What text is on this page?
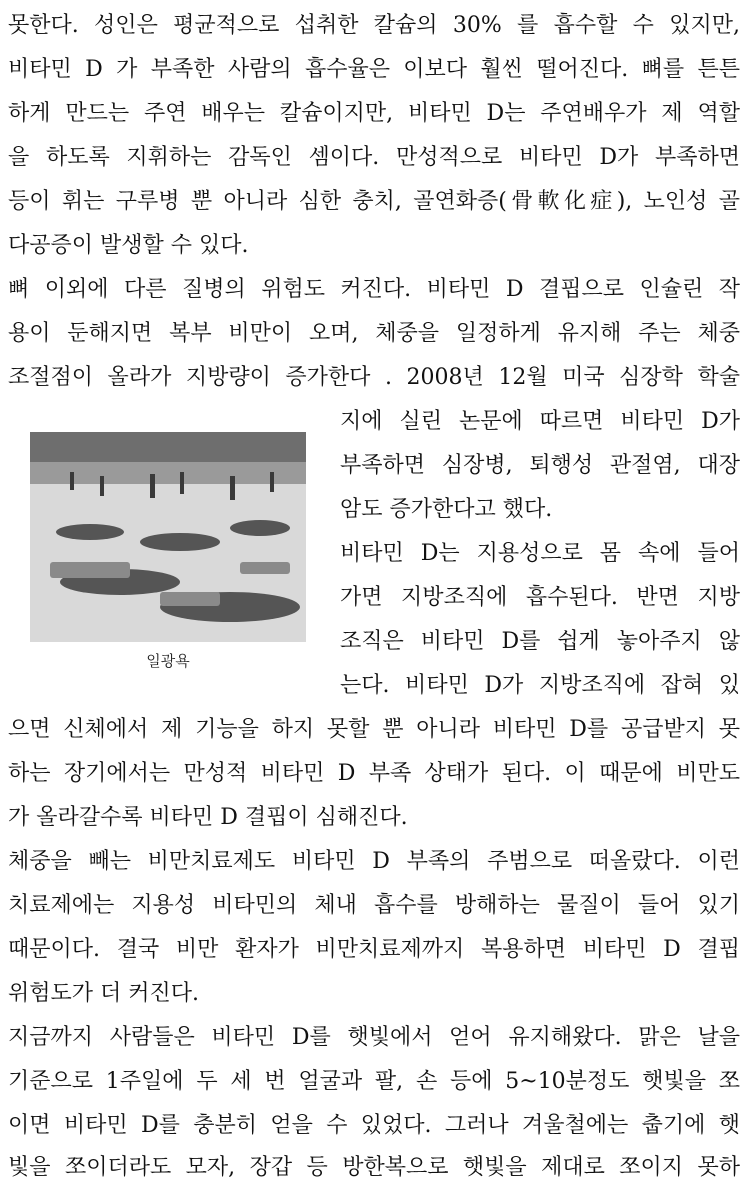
못한다. 성인은 평균적으로 섭취한 칼슘의 30% 를 흡수할 수 있지만,
비타민 D 가 부족한 사람의 흡수율은 이보다 훨씬 떨어진다. 뼈를 튼튼
하게 만드는 주연 배우는 칼슘이지만, 비타민 D는 주연배우가 제 역할
을 하도록 지휘하는 감독인 셈이다. 만성적으로 비타민 D가 부족하면
등이 휘는 구루병 뿐 아니라 심한 충치, 골연화증(骨軟化症), 노인성 골
다공증이 발생할 수 있다.
뼈 이외에 다른 질병의 위험도 커진다. 비타민 D 결핍으로 인슐린 작
용이 둔해지면 복부 비만이 오며, 체중을 일정하게 유지해 주는 체중
조절점이 올라가 지방량이 증가한다 . 2008년 12월 미국 심장학 학술
지에 실린 논문에 따르면 비타민 D가
부족하면 심장병, 퇴행성 관절염, 대장
암도 증가한다고 했다.
비타민 D는 지용성으로 몸 속에 들어
가면 지방조직에 흡수된다. 반면 지방
조직은 비타민 D를 쉽게 놓아주지 않
는다. 비타민 D가 지방조직에 잡혀 있
으면 신체에서 제 기능을 하지 못할 뿐 아니라 비타민 D를 공급받지 못
하는 장기에서는 만성적 비타민 D 부족 상태가 된다. 이 때문에 비만도
가 올라갈수록 비타민 D 결핍이 심해진다.
체중을 빼는 비만치료제도 비타민 D 부족의 주범으로 떠올랐다. 이런
치료제에는 지용성 비타민의 체내 흡수를 방해하는 물질이 들어 있기
때문이다. 결국 비만 환자가 비만치료제까지 복용하면 비타민 D 결핍
위험도가 더 커진다.
지금까지 사람들은 비타민 D를 햇빛에서 얻어 유지해왔다. 맑은 날을
기준으로 1주일에 두 세 번 얼굴과 팔, 손 등에 5~10분정도 햇빛을 쪼
이면 비타민 D를 충분히 얻을 수 있었다. 그러나 겨울철에는 춥기에 햇
빛을 쪼이더라도 모자, 장갑 등 방한복으로 햇빛을 제대로 쪼이지 못하
일광욕
